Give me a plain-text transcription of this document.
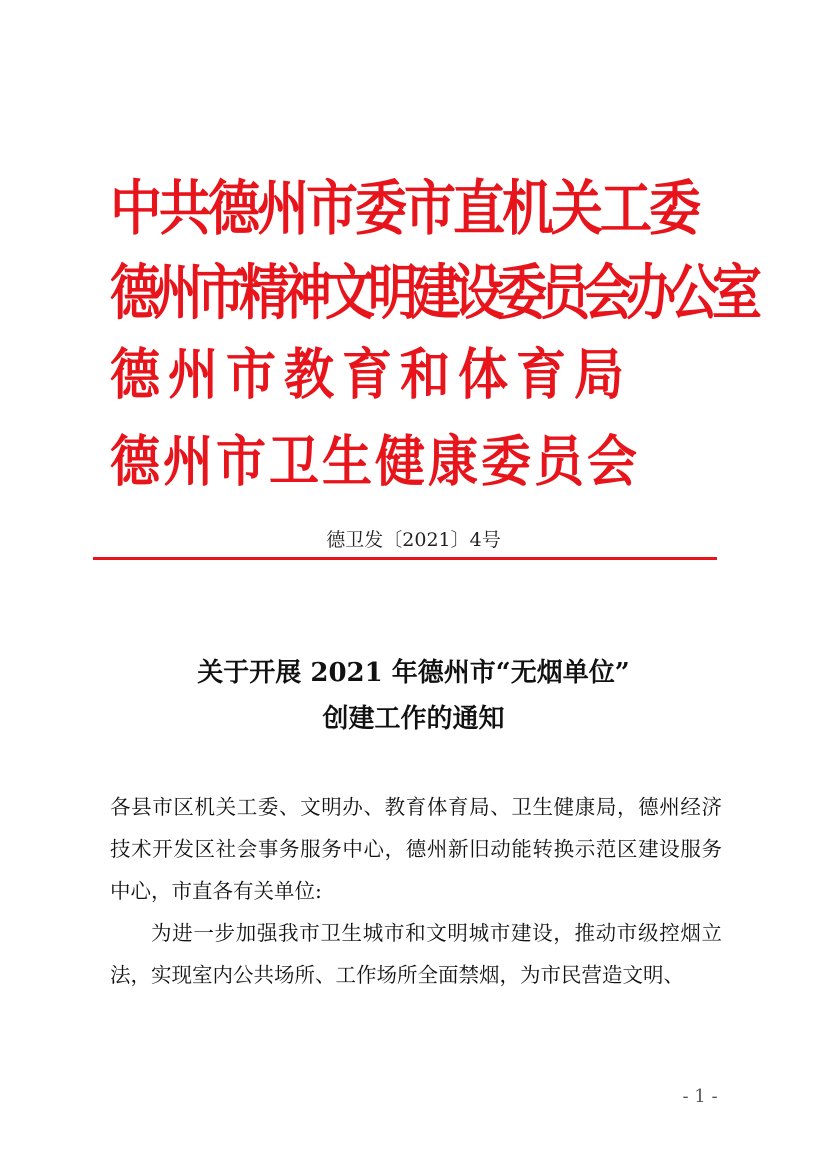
中共德州市委市直机关工委
德州市精神文明建设委员会办公室
德州市教育和体育局
德州市卫生健康委员会

德卫发〔2021〕4号

关于开展 2021 年德州市“无烟单位”
创建工作的通知

各县市区机关工委、文明办、教育体育局、卫生健康局，德州经济技术开发区社会事务服务中心，德州新旧动能转换示范区建设服务中心，市直各有关单位:

为进一步加强我市卫生城市和文明城市建设，推动市级控烟立法，实现室内公共场所、工作场所全面禁烟，为市民营造文明、

- 1 -
